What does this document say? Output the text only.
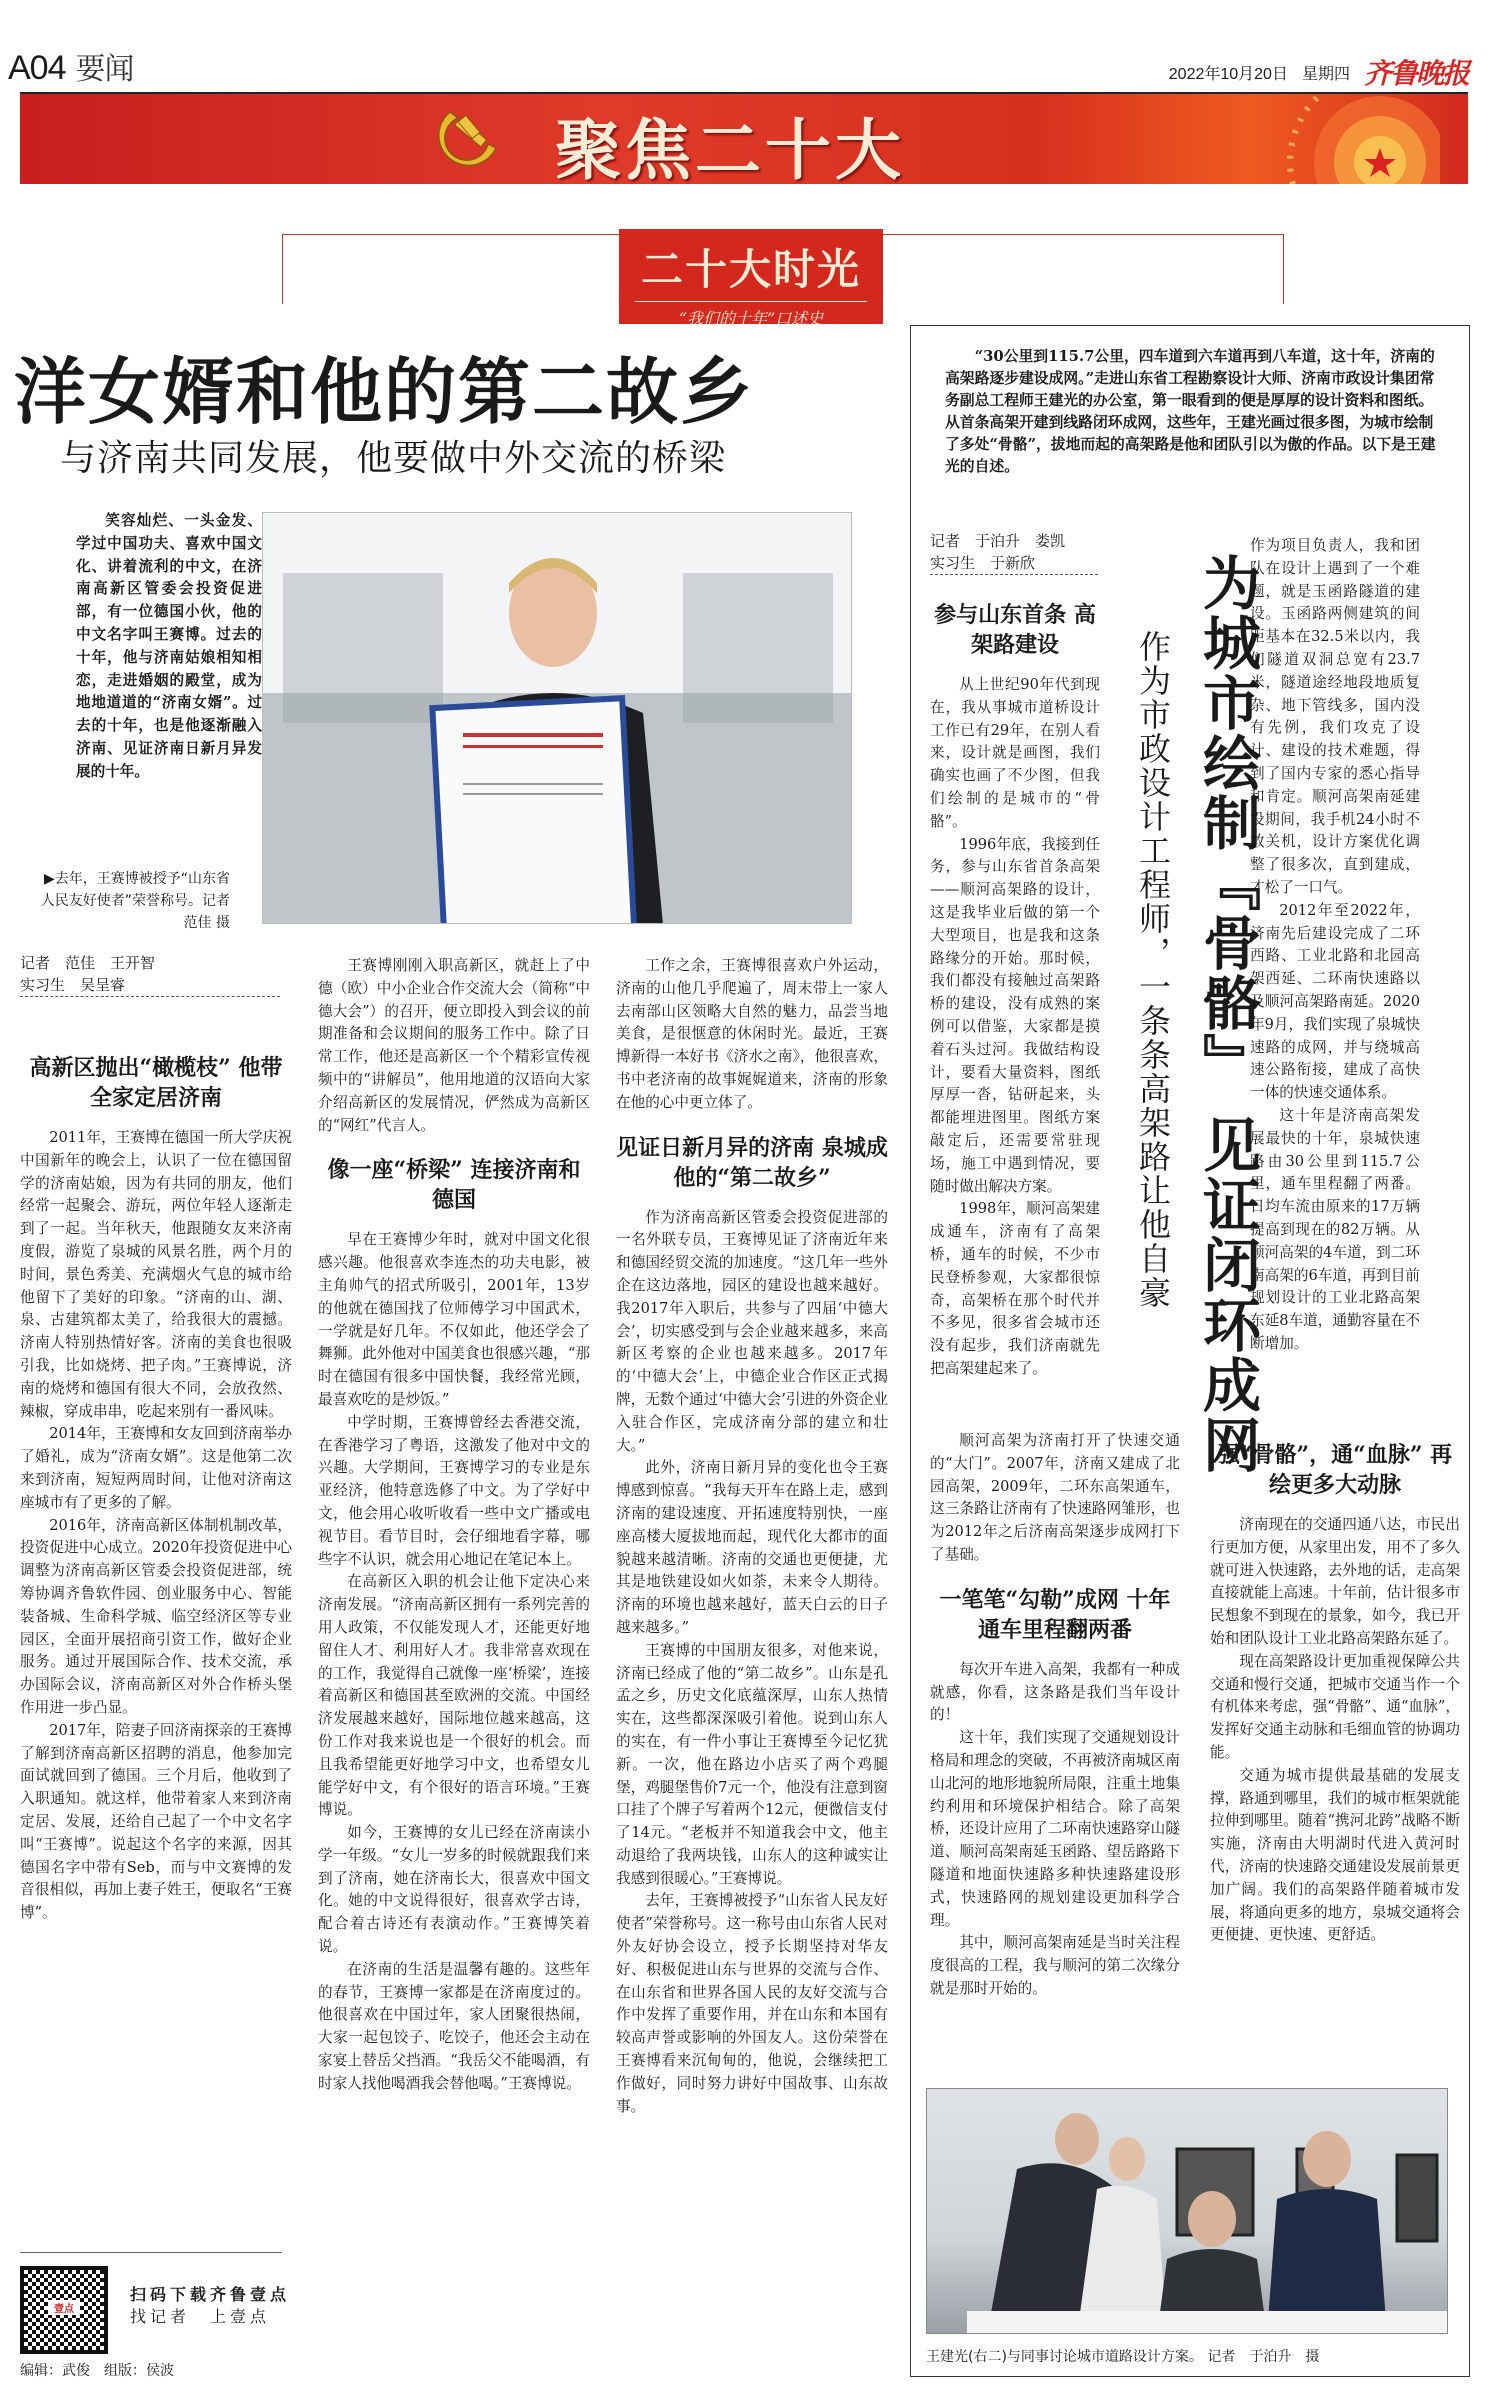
A04 要闻	2022年10月20日 星期四 齐鲁晚报
聚焦二十大
二十大时光
“我们的十年”口述史
洋女婿和他的第二故乡
与济南共同发展，他要做中外交流的桥梁

笑容灿烂、一头金发、学过中国功夫、喜欢中国文化、讲着流利的中文，在济南高新区管委会投资促进部，有一位德国小伙，他的中文名字叫王赛博。过去的十年，他与济南姑娘相知相恋，走进婚姻的殿堂，成为地地道道的“济南女婿”。过去的十年，也是他逐渐融入济南、见证济南日新月异发展的十年。

▶去年，王赛博被授予“山东省人民友好使者”荣誉称号。记者 范佳 摄
记者　范佳　王开智
实习生　吴呈睿
高新区抛出“橄榄枝” 他带全家定居济南

2011年，王赛博在德国一所大学庆祝中国新年的晚会上，认识了一位在德国留学的济南姑娘，因为有共同的朋友，他们经常一起聚会、游玩，两位年轻人逐渐走到了一起。当年秋天，他跟随女友来济南度假，游览了泉城的风景名胜，两个月的时间，景色秀美、充满烟火气息的城市给他留下了美好的印象。“济南的山、湖、泉、古建筑都太美了，给我很大的震撼。济南人特别热情好客。济南的美食也很吸引我，比如烧烤、把子肉。”王赛博说，济南的烧烤和德国有很大不同，会放孜然、辣椒，穿成串串，吃起来别有一番风味。

2014年，王赛博和女友回到济南举办了婚礼，成为“济南女婿”。这是他第二次来到济南，短短两周时间，让他对济南这座城市有了更多的了解。

2016年，济南高新区体制机制改革，投资促进中心成立。2020年投资促进中心调整为济南高新区管委会投资促进部，统筹协调齐鲁软件园、创业服务中心、智能装备城、生命科学城、临空经济区等专业园区，全面开展招商引资工作，做好企业服务。通过开展国际合作、技术交流，承办国际会议，济南高新区对外合作桥头堡作用进一步凸显。

2017年，陪妻子回济南探亲的王赛博了解到济南高新区招聘的消息，他参加完面试就回到了德国。三个月后，他收到了入职通知。就这样，他带着家人来到济南定居、发展，还给自己起了一个中文名字叫“王赛博”。说起这个名字的来源，因其德国名字中带有Seb，而与中文赛博的发音很相似，再加上妻子姓王，便取名“王赛博”。

王赛博刚刚入职高新区，就赶上了中德（欧）中小企业合作交流大会（简称“中德大会”）的召开，便立即投入到会议的前期准备和会议期间的服务工作中。除了日常工作，他还是高新区一个个精彩宣传视频中的“讲解员”，他用地道的汉语向大家介绍高新区的发展情况，俨然成为高新区的“网红”代言人。

像一座“桥梁” 连接济南和德国

早在王赛博少年时，就对中国文化很感兴趣。他很喜欢李连杰的功夫电影，被主角帅气的招式所吸引，2001年，13岁的他就在德国找了位师傅学习中国武术，一学就是好几年。不仅如此，他还学会了舞狮。此外他对中国美食也很感兴趣，“那时在德国有很多中国快餐，我经常光顾，最喜欢吃的是炒饭。”

中学时期，王赛博曾经去香港交流，在香港学习了粤语，这激发了他对中文的兴趣。大学期间，王赛博学习的专业是东亚经济，他特意选修了中文。为了学好中文，他会用心收听收看一些中文广播或电视节目。看节目时，会仔细地看字幕，哪些字不认识，就会用心地记在笔记本上。

在高新区入职的机会让他下定决心来济南发展。“济南高新区拥有一系列完善的用人政策，不仅能发现人才，还能更好地留住人才、利用好人才。我非常喜欢现在的工作，我觉得自己就像一座‘桥梁’，连接着高新区和德国甚至欧洲的交流。中国经济发展越来越好，国际地位越来越高，这份工作对我来说也是一个很好的机会。而且我希望能更好地学习中文，也希望女儿能学好中文，有个很好的语言环境。”王赛博说。

如今，王赛博的女儿已经在济南读小学一年级。“女儿一岁多的时候就跟我们来到了济南，她在济南长大，很喜欢中国文化。她的中文说得很好，很喜欢学古诗，配合着古诗还有表演动作。”王赛博笑着说。

在济南的生活是温馨有趣的。这些年的春节，王赛博一家都是在济南度过的。他很喜欢在中国过年，家人团聚很热闹，大家一起包饺子、吃饺子，他还会主动在家宴上替岳父挡酒。“我岳父不能喝酒，有时家人找他喝酒我会替他喝。”王赛博说。

工作之余，王赛博很喜欢户外运动，济南的山他几乎爬遍了，周末带上一家人去南部山区领略大自然的魅力，品尝当地美食，是很惬意的休闲时光。最近，王赛博新得一本好书《济水之南》，他很喜欢，书中老济南的故事娓娓道来，济南的形象在他的心中更立体了。

见证日新月异的济南 泉城成他的“第二故乡”

作为济南高新区管委会投资促进部的一名外联专员，王赛博见证了济南近年来和德国经贸交流的加速度。“这几年一些外企在这边落地，园区的建设也越来越好。我2017年入职后，共参与了四届‘中德大会’，切实感受到与会企业越来越多，来高新区考察的企业也越来越多。2017年的‘中德大会’上，中德企业合作区正式揭牌，无数个通过‘中德大会’引进的外资企业入驻合作区，完成济南分部的建立和壮大。”

此外，济南日新月异的变化也令王赛博感到惊喜。“我每天开车在路上走，感到济南的建设速度、开拓速度特别快，一座座高楼大厦拔地而起，现代化大都市的面貌越来越清晰。济南的交通也更便捷，尤其是地铁建设如火如荼，未来令人期待。济南的环境也越来越好，蓝天白云的日子越来越多。”

王赛博的中国朋友很多，对他来说，济南已经成了他的“第二故乡”。山东是孔孟之乡，历史文化底蕴深厚，山东人热情实在，这些都深深吸引着他。说到山东人的实在，有一件小事让王赛博至今记忆犹新。一次，他在路边小店买了两个鸡腿堡，鸡腿堡售价7元一个，他没有注意到窗口挂了个牌子写着两个12元，便微信支付了14元。“老板并不知道我会中文，他主动退给了我两块钱，山东人的这种诚实让我感到很暖心。”王赛博说。

去年，王赛博被授予“山东省人民友好使者”荣誉称号。这一称号由山东省人民对外友好协会设立，授予长期坚持对华友好、积极促进山东与世界的交流与合作、在山东省和世界各国人民的友好交流与合作中发挥了重要作用，并在山东和本国有较高声誉或影响的外国友人。这份荣誉在王赛博看来沉甸甸的，他说，会继续把工作做好，同时努力讲好中国故事、山东故事。

壹点
扫码下载齐鲁壹点
找记者　上壹点
编辑：武俊　组版：侯波

“30公里到115.7公里，四车道到六车道再到八车道，这十年，济南的高架路逐步建设成网。”走进山东省工程勘察设计大师、济南市政设计集团常务副总工程师王建光的办公室，第一眼看到的便是厚厚的设计资料和图纸。从首条高架开建到线路闭环成网，这些年，王建光画过很多图，为城市绘制了多处“骨骼”，拔地而起的高架路是他和团队引以为傲的作品。以下是王建光的自述。

记者　于泊升　娄凯
实习生　于新欣	为城市绘制『骨骼』 见证闭环成网
作为市政设计工程师，一条条高架路让他自豪
参与山东首条 高架路建设

从上世纪90年代到现在，我从事城市道桥设计工作已有29年，在别人看来，设计就是画图，我们确实也画了不少图，但我们绘制的是城市的“骨骼”。

1996年底，我接到任务，参与山东省首条高架——顺河高架路的设计，这是我毕业后做的第一个大型项目，也是我和这条路缘分的开始。那时候，我们都没有接触过高架路桥的建设，没有成熟的案例可以借鉴，大家都是摸着石头过河。我做结构设计，要看大量资料，图纸厚厚一沓，钻研起来，头都能埋进图里。图纸方案敲定后，还需要常驻现场，施工中遇到情况，要随时做出解决方案。

1998年，顺河高架建成通车，济南有了高架桥，通车的时候，不少市民登桥参观，大家都很惊奇，高架桥在那个时代并不多见，很多省会城市还没有起步，我们济南就先把高架建起来了。

作为项目负责人，我和团队在设计上遇到了一个难题，就是玉函路隧道的建设。玉函路两侧建筑的间距基本在32.5米以内，我们隧道双洞总宽有23.7米，隧道途经地段地质复杂、地下管线多，国内没有先例，我们攻克了设计、建设的技术难题，得到了国内专家的悉心指导和肯定。顺河高架南延建设期间，我手机24小时不敢关机，设计方案优化调整了很多次，直到建成，才松了一口气。

2012年至2022年，济南先后建设完成了二环西路、工业北路和北园高架西延、二环南快速路以及顺河高架路南延。2020年9月，我们实现了泉城快速路的成网，并与绕城高速公路衔接，建成了高快一体的快速交通体系。

这十年是济南高架发展最快的十年，泉城快速路由30公里到115.7公里，通车里程翻了两番。日均车流由原来的17万辆提高到现在的82万辆。从顺河高架的4车道，到二环南高架的6车道，再到目前规划设计的工业北路高架东延8车道，通勤容量在不断增加。

顺河高架为济南打开了快速交通的“大门”。2007年，济南又建成了北园高架，2009年，二环东高架通车，这三条路让济南有了快速路网雏形，也为2012年之后济南高架逐步成网打下了基础。

一笔笔“勾勒”成网 十年通车里程翻两番

每次开车进入高架，我都有一种成就感，你看，这条路是我们当年设计的！

这十年，我们实现了交通规划设计格局和理念的突破，不再被济南城区南山北河的地形地貌所局限，注重土地集约利用和环境保护相结合。除了高架桥，还设计应用了二环南快速路穿山隧道、顺河高架南延玉函路、望岳路路下隧道和地面快速路多种快速路建设形式，快速路网的规划建设更加科学合理。

其中，顺河高架南延是当时关注程度很高的工程，我与顺河的第二次缘分就是那时开始的。

强“骨骼”，通“血脉” 再绘更多大动脉

济南现在的交通四通八达，市民出行更加方便，从家里出发，用不了多久就可进入快速路，去外地的话，走高架直接就能上高速。十年前，估计很多市民想象不到现在的景象，如今，我已开始和团队设计工业北路高架路东延了。

现在高架路设计更加重视保障公共交通和慢行交通，把城市交通当作一个有机体来考虑，强“骨骼”、通“血脉”，发挥好交通主动脉和毛细血管的协调功能。

交通为城市提供最基础的发展支撑，路通到哪里，我们的城市框架就能拉伸到哪里。随着“携河北跨”战略不断实施，济南由大明湖时代进入黄河时代，济南的快速路交通建设发展前景更加广阔。我们的高架路伴随着城市发展，将通向更多的地方，泉城交通将会更便捷、更快速、更舒适。

王建光(右二)与同事讨论城市道路设计方案。 记者　于泊升　摄
